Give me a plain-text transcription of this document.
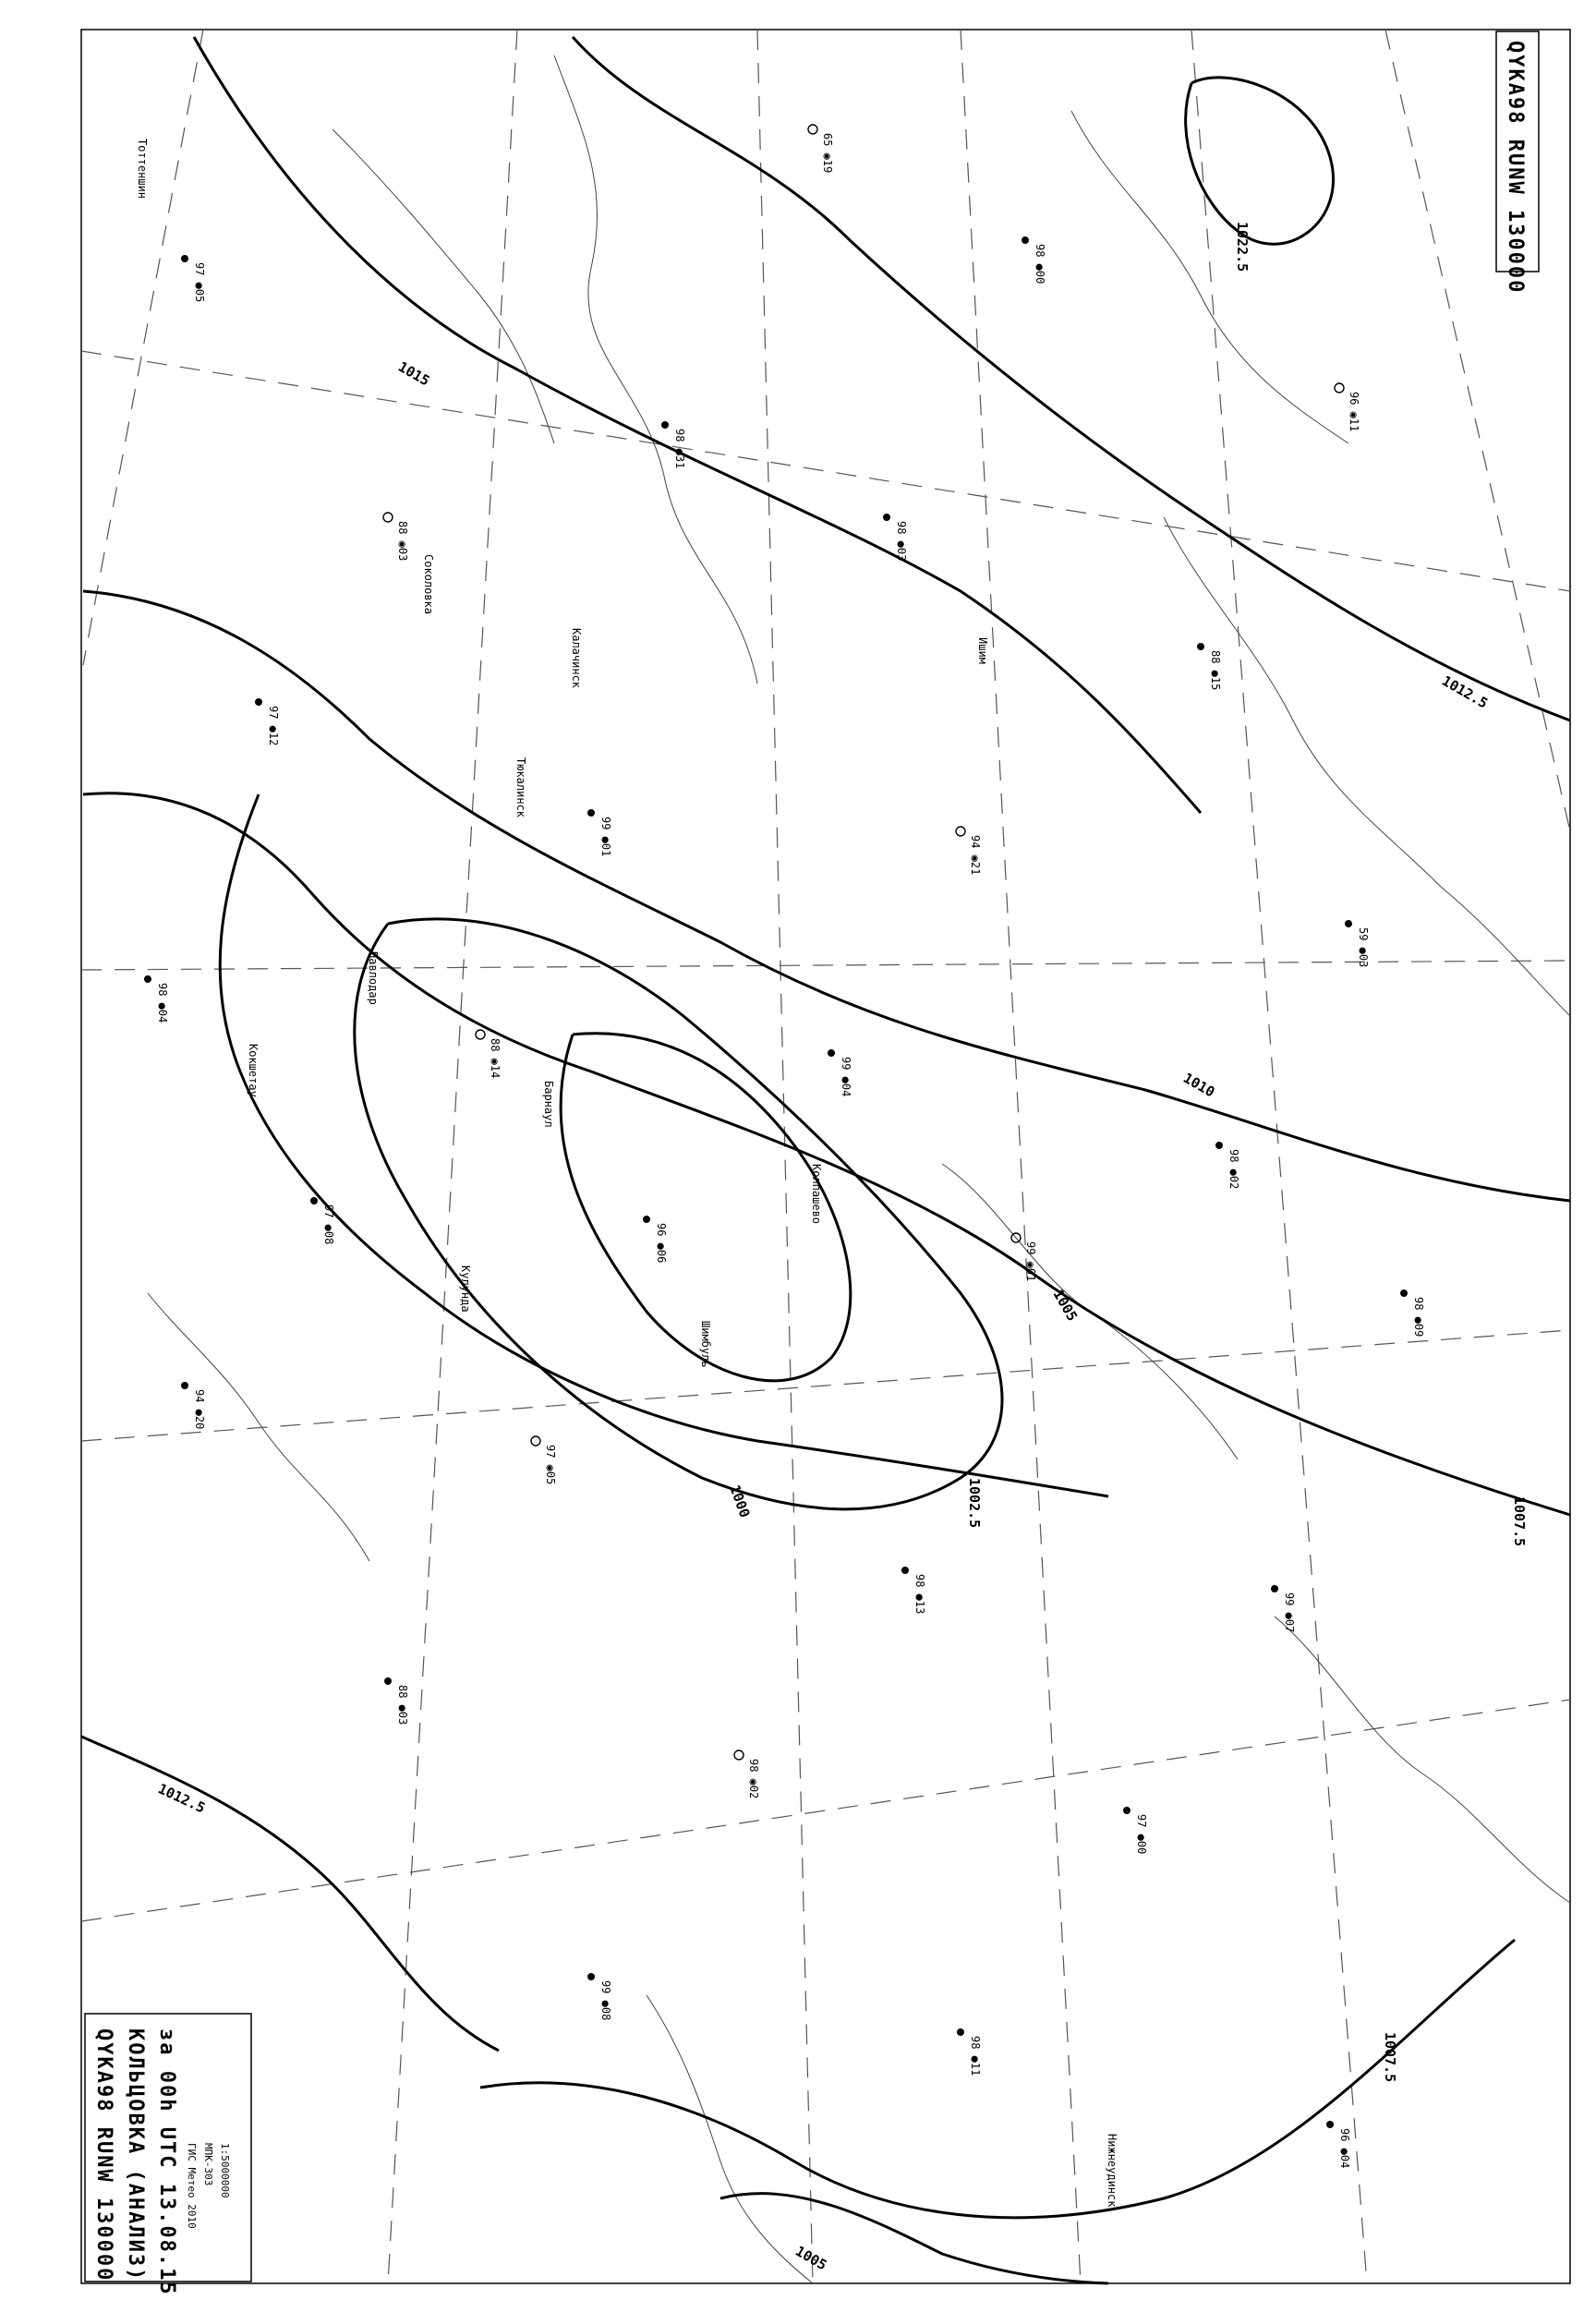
1022.5
1015
1012.5
1010
1007.5
1005
1002.5
1000
1012.5
1007.5
1005
Тоттеншин
Соколовка
Калачинск
Тюкалинск
Ишим
Кокшетау
Павлодар
Кулунда
Шимбуль
Барнаул
Колпашево
Нижнеудинск
97 ●05
88 ◉03
65 ◉19
98 ●00
96 ◉11
98 ●31
98 ●03
88 ●15
97 ●12
99 ●01	94 ◉21
59 ●03
98 ●04
88 ◉14	99 ●04
98 ●02
97 ●08	96 ●06	99 ◉01
98 ●09
94 ●20
97 ◉05
98 ●13	99 ●07
88 ●03
98 ◉02
97 ●00
99 ●08
98 ●11
96 ●04
QYKA98 RUNW 130000
QYKA98 RUNW 130000 КОЛЬЦОВКА (АНАЛИЗ) за 00h UTC 13.08.15 ГИС Метео 2010 МПК-303 1:5000000
